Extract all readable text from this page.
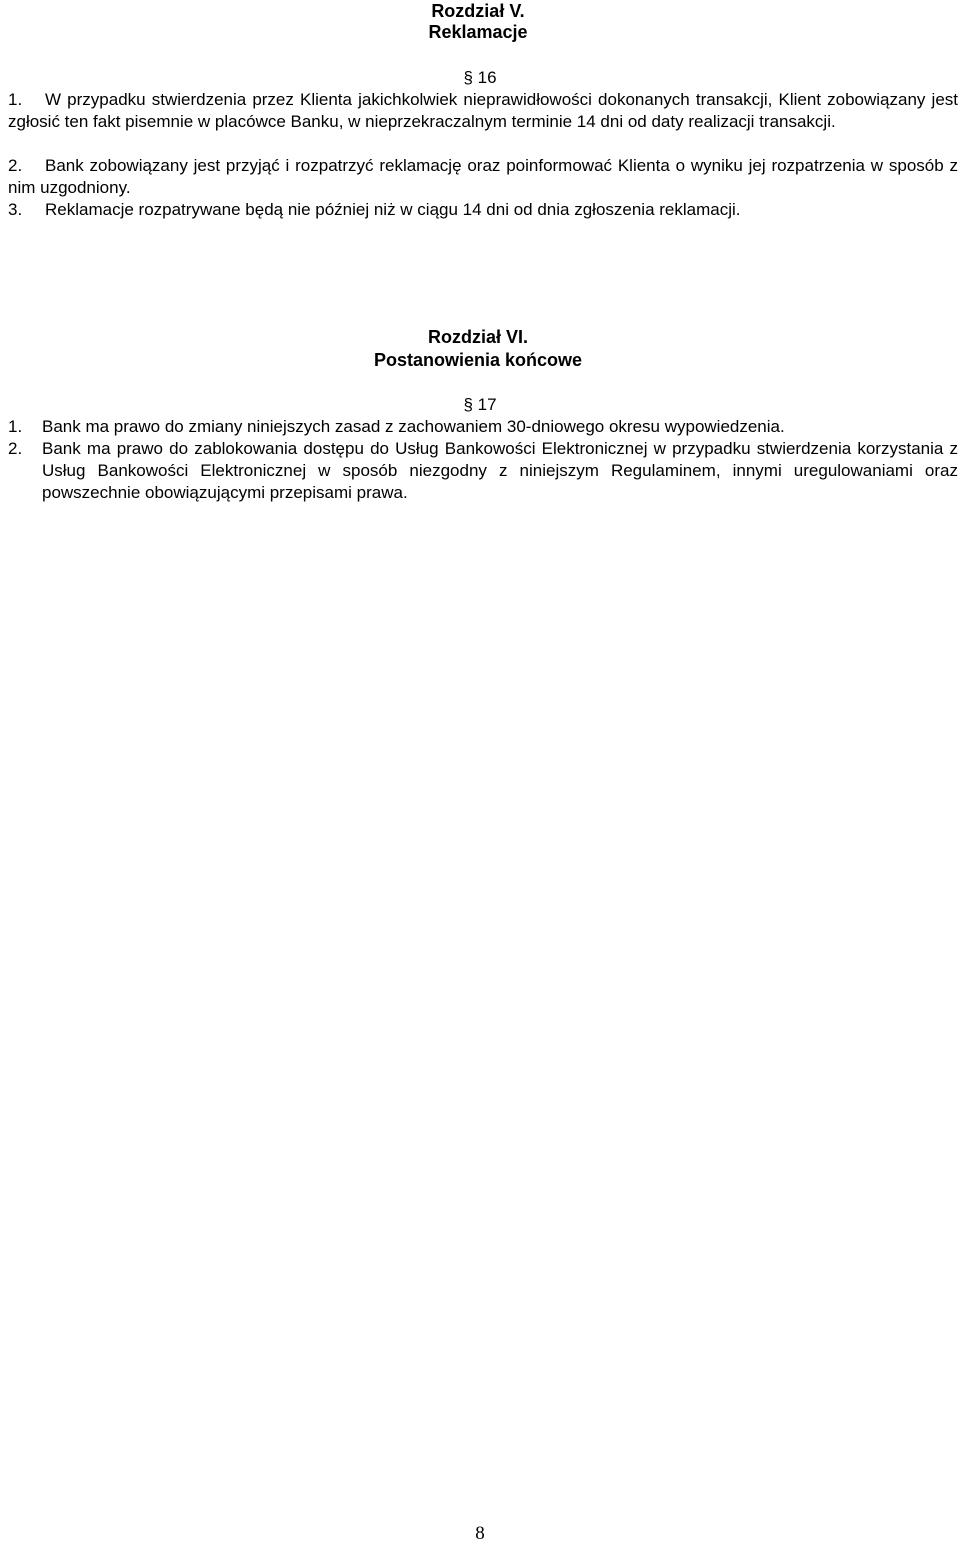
Rozdział V.
Reklamacje
§ 16
1.	W przypadku stwierdzenia przez Klienta jakichkolwiek nieprawidłowości dokonanych transakcji, Klient zobowiązany jest zgłosić ten fakt pisemnie w placówce Banku, w nieprzekraczalnym terminie 14 dni od daty realizacji transakcji.
2.	Bank zobowiązany jest przyjąć i rozpatrzyć reklamację oraz poinformować Klienta o wyniku jej rozpatrzenia w sposób z nim uzgodniony.
3.	Reklamacje rozpatrywane będą nie później niż w ciągu 14 dni od dnia zgłoszenia reklamacji.
Rozdział VI.
Postanowienia końcowe
§ 17
1.	Bank ma prawo do zmiany niniejszych zasad z zachowaniem 30-dniowego okresu wypowiedzenia.
2.	Bank ma prawo do zablokowania dostępu do Usług Bankowości Elektronicznej w przypadku stwierdzenia korzystania z Usług Bankowości Elektronicznej w sposób niezgodny z niniejszym Regulaminem, innymi uregulowaniami oraz powszechnie obowiązującymi przepisami prawa.
8
